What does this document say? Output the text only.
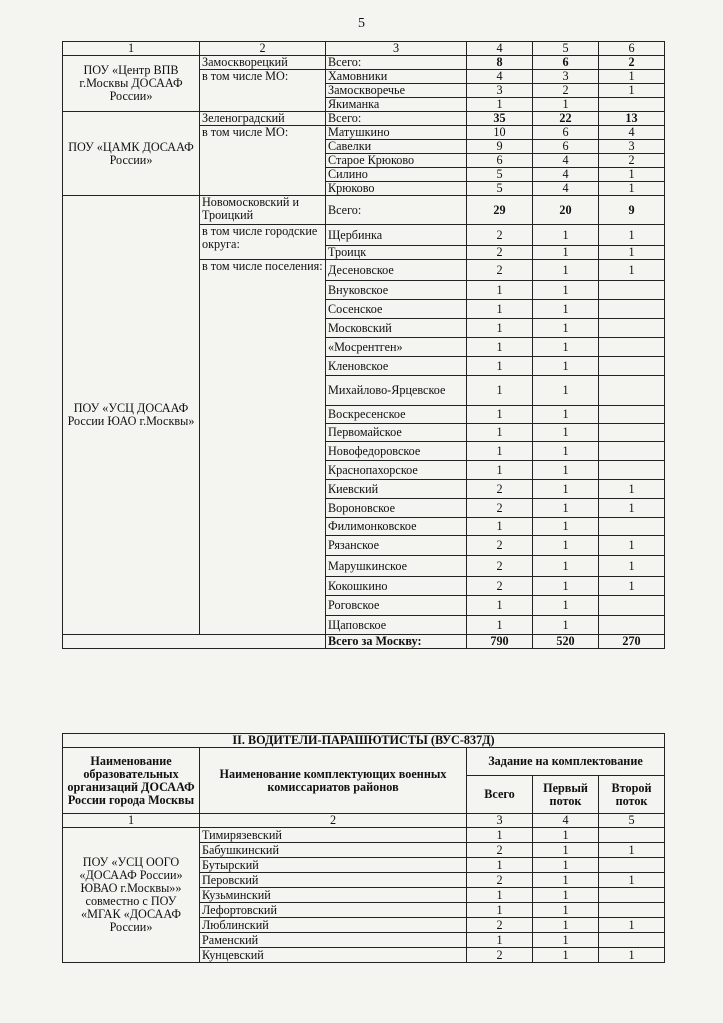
5
1	2	3	4	5	6
ПОУ «Центр ВПВ г.Москвы ДОСААФ России»	Замоскворецкий	Всего:	8	6	2
	в том числе МО:	Хамовники	4	3	1
		Замоскворечье	3	2	1
		Якиманка	1	1	
ПОУ «ЦАМК ДОСААФ России»	Зеленоградский	Всего:	35	22	13
	в том числе МО:	Матушкино	10	6	4
		Савелки	9	6	3
		Старое Крюково	6	4	2
		Силино	5	4	1
		Крюково	5	4	1
ПОУ «УСЦ ДОСААФ России ЮАО г.Москвы»	Новомосковский и Троицкий	Всего:	29	20	9
	в том числе городские округа:	Щербинка	2	1	1
		Троицк	2	1	1
	в том числе поселения:	Десеновское	2	1	1
		Внуковское	1	1	
		Сосенское	1	1	
		Московский	1	1	
		«Мосрентген»	1	1	
		Кленовское	1	1	
		Михайлово-Ярцевское	1	1	
		Воскресенское	1	1	
		Первомайское	1	1	
		Новофедоровское	1	1	
		Краснопахорское	1	1	
		Киевский	2	1	1
		Вороновское	2	1	1
		Филимонковское	1	1	
		Рязанское	2	1	1
		Марушкинское	2	1	1
		Кокошкино	2	1	1
		Роговское	1	1	
		Щаповское	1	1	
		Всего за Москву:	790	520	270
II. ВОДИТЕЛИ-ПАРАШЮТИСТЫ (ВУС-837Д)				
Наименование образовательных организаций ДОСААФ России города Москвы	Наименование комплектующих военных комиссариатов районов	Задание на комплектование		
		Всего	Первый поток	Второй поток
1	2	3	4	5
ПОУ «УСЦ ООГО «ДОСААФ России» ЮВАО г.Москвы»» совместно с ПОУ «МГАК «ДОСААФ России»	Тимирязевский	1	1	
	Бабушкинский	2	1	1
	Бутырский	1	1	
	Перовский	2	1	1
	Кузьминский	1	1	
	Лефортовский	1	1	
	Люблинский	2	1	1
	Раменский	1	1	
	Кунцевский	2	1	1
